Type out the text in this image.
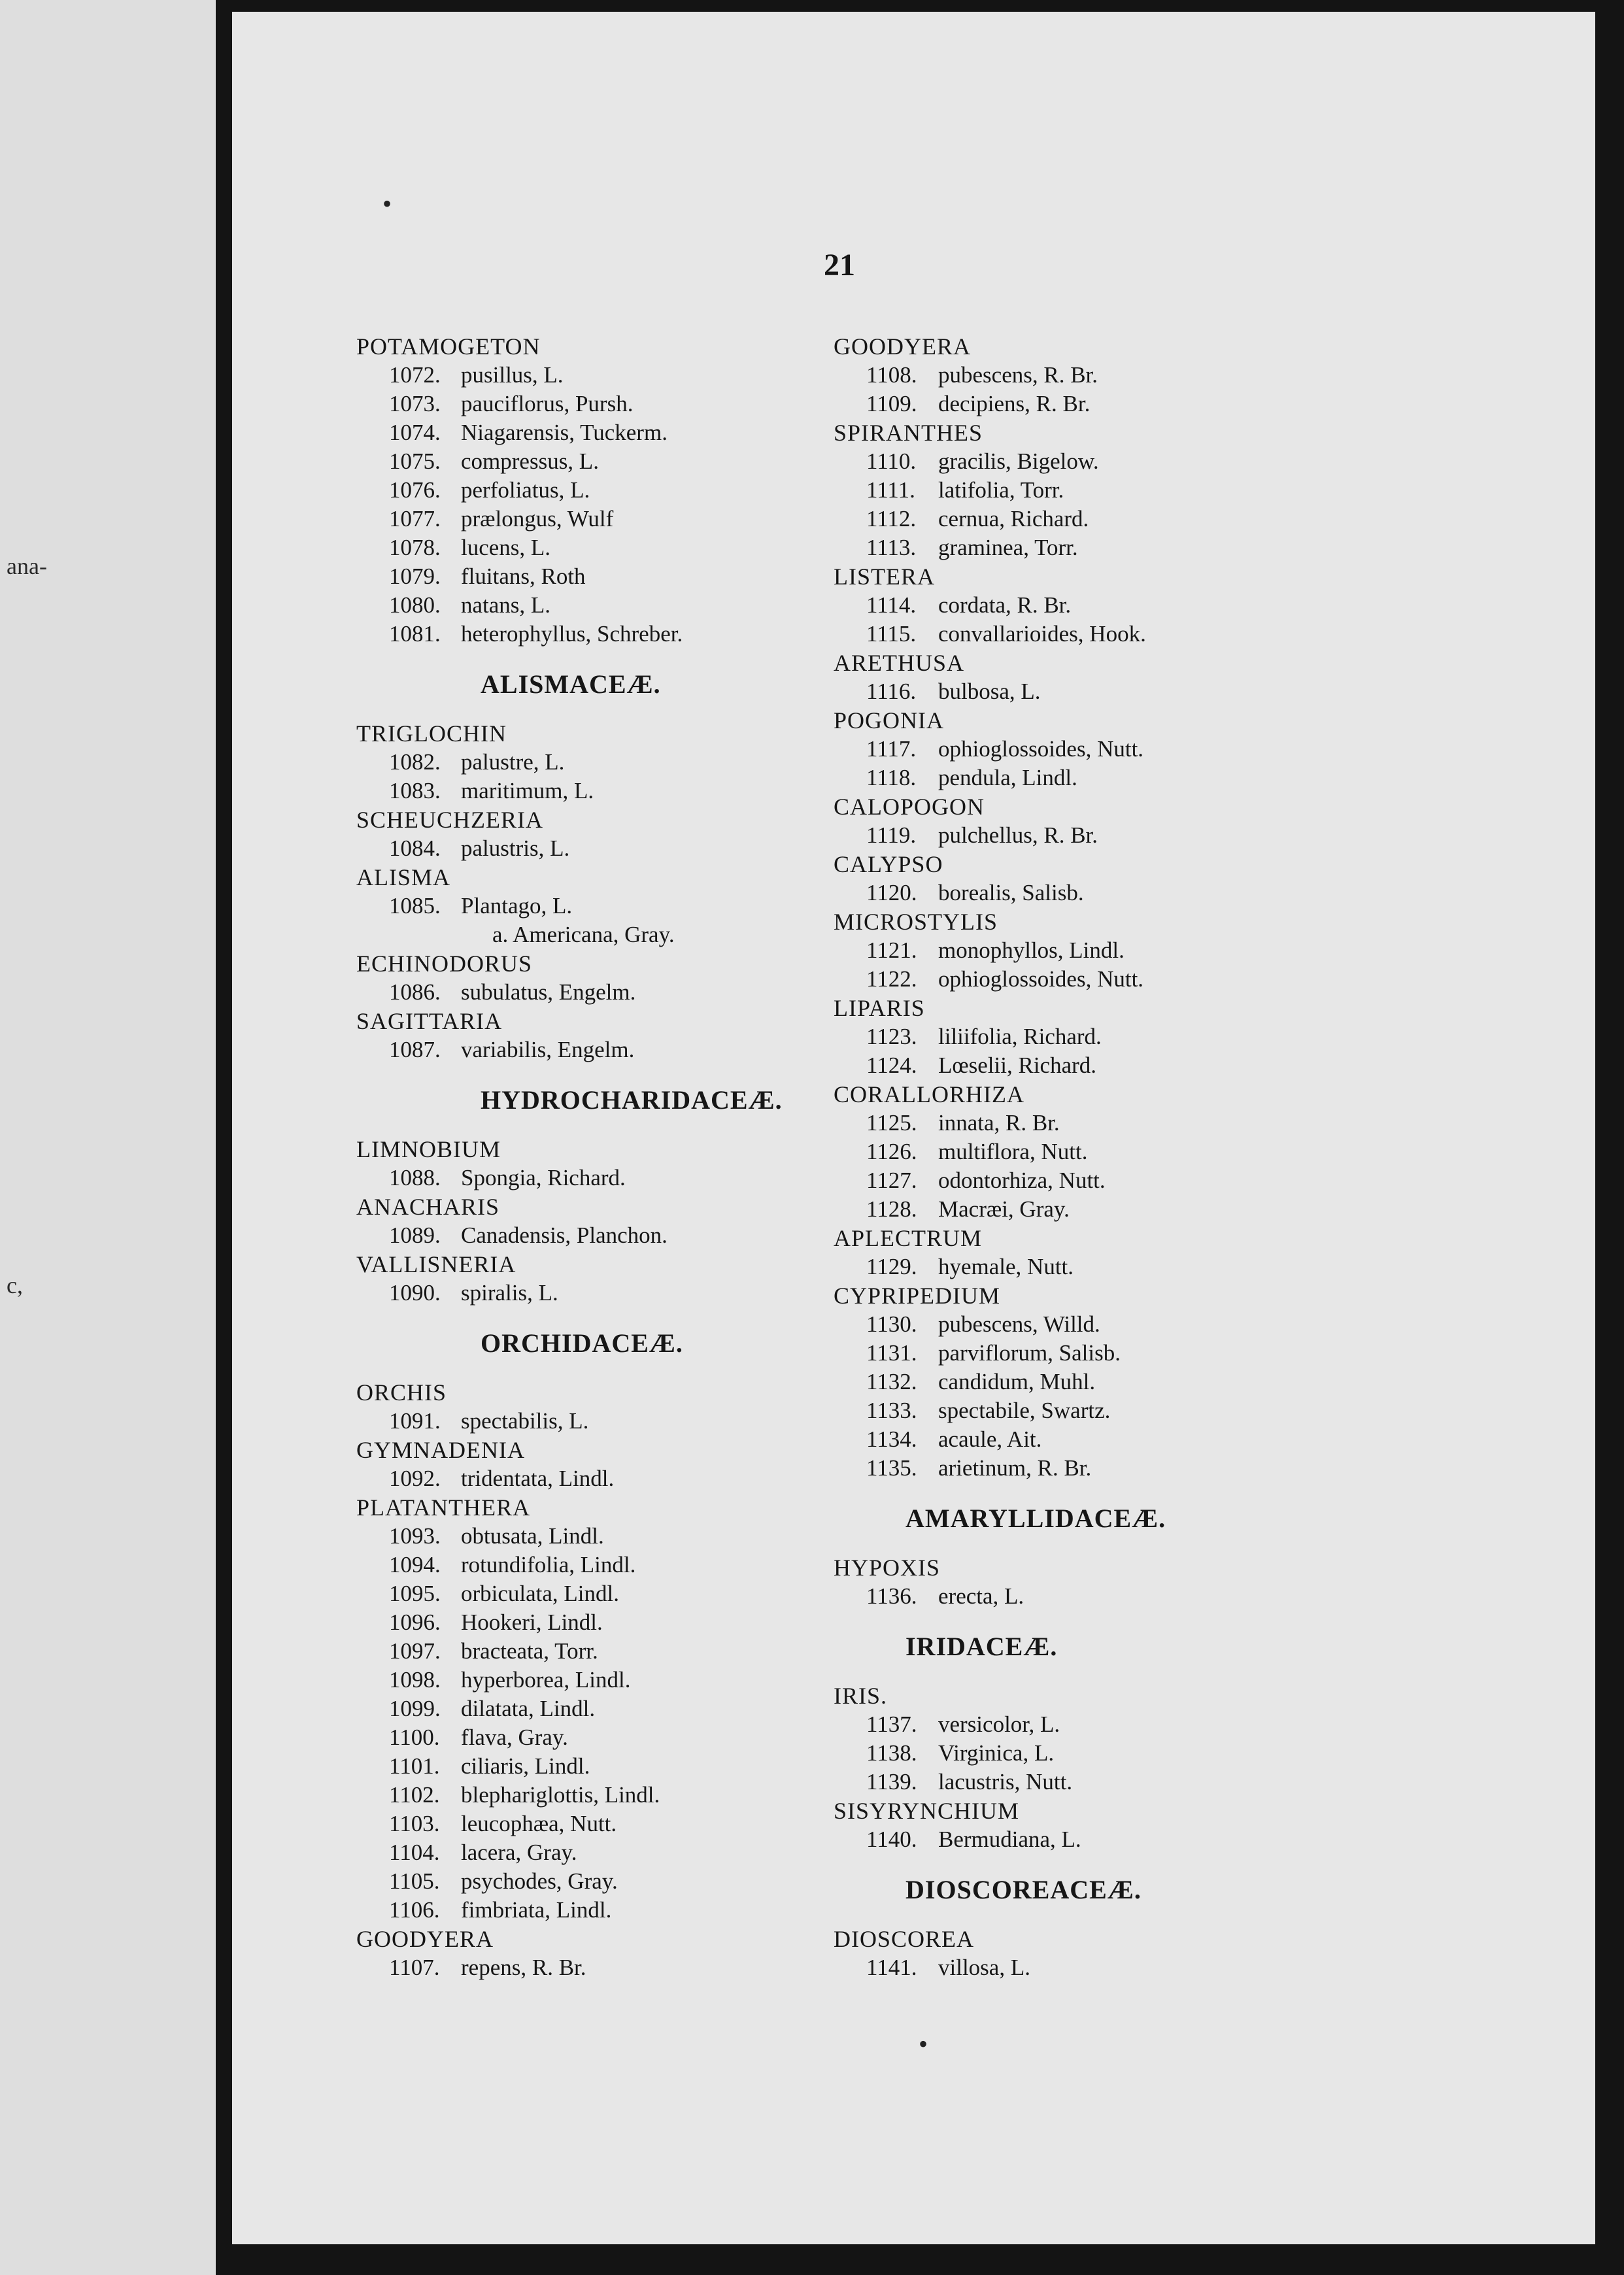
ana-
c,
21
POTAMOGETON
1072. pusillus, L.
1073. pauciflorus, Pursh.
1074. Niagarensis, Tuckerm.
1075. compressus, L.
1076. perfoliatus, L.
1077. prælongus, Wulf
1078. lucens, L.
1079. fluitans, Roth
1080. natans, L.
1081. heterophyllus, Schreber.
ALISMACEÆ.
TRIGLOCHIN
1082. palustre, L.
1083. maritimum, L.
SCHEUCHZERIA
1084. palustris, L.
ALISMA
1085. Plantago, L.
a. Americana, Gray.
ECHINODORUS
1086. subulatus, Engelm.
SAGITTARIA
1087. variabilis, Engelm.
HYDROCHARIDACEÆ.
LIMNOBIUM
1088. Spongia, Richard.
ANACHARIS
1089. Canadensis, Planchon.
VALLISNERIA
1090. spiralis, L.
ORCHIDACEÆ.
ORCHIS
1091. spectabilis, L.
GYMNADENIA
1092. tridentata, Lindl.
PLATANTHERA
1093. obtusata, Lindl.
1094. rotundifolia, Lindl.
1095. orbiculata, Lindl.
1096. Hookeri, Lindl.
1097. bracteata, Torr.
1098. hyperborea, Lindl.
1099. dilatata, Lindl.
1100. flava, Gray.
1101. ciliaris, Lindl.
1102. blephariglottis, Lindl.
1103. leucophæa, Nutt.
1104. lacera, Gray.
1105. psychodes, Gray.
1106. fimbriata, Lindl.
GOODYERA
1107. repens, R. Br.
GOODYERA
1108. pubescens, R. Br.
1109. decipiens, R. Br.
SPIRANTHES
1110. gracilis, Bigelow.
1111. latifolia, Torr.
1112. cernua, Richard.
1113. graminea, Torr.
LISTERA
1114. cordata, R. Br.
1115. convallarioides, Hook.
ARETHUSA
1116. bulbosa, L.
POGONIA
1117. ophioglossoides, Nutt.
1118. pendula, Lindl.
CALOPOGON
1119. pulchellus, R. Br.
CALYPSO
1120. borealis, Salisb.
MICROSTYLIS
1121. monophyllos, Lindl.
1122. ophioglossoides, Nutt.
LIPARIS
1123. liliifolia, Richard.
1124. Lœselii, Richard.
CORALLORHIZA
1125. innata, R. Br.
1126. multiflora, Nutt.
1127. odontorhiza, Nutt.
1128. Macræi, Gray.
APLECTRUM
1129. hyemale, Nutt.
CYPRIPEDIUM
1130. pubescens, Willd.
1131. parviflorum, Salisb.
1132. candidum, Muhl.
1133. spectabile, Swartz.
1134. acaule, Ait.
1135. arietinum, R. Br.
AMARYLLIDACEÆ.
HYPOXIS
1136. erecta, L.
IRIDACEÆ.
IRIS.
1137. versicolor, L.
1138. Virginica, L.
1139. lacustris, Nutt.
SISYRYNCHIUM
1140. Bermudiana, L.
DIOSCOREACEÆ.
DIOSCOREA
1141. villosa, L.
•
•
